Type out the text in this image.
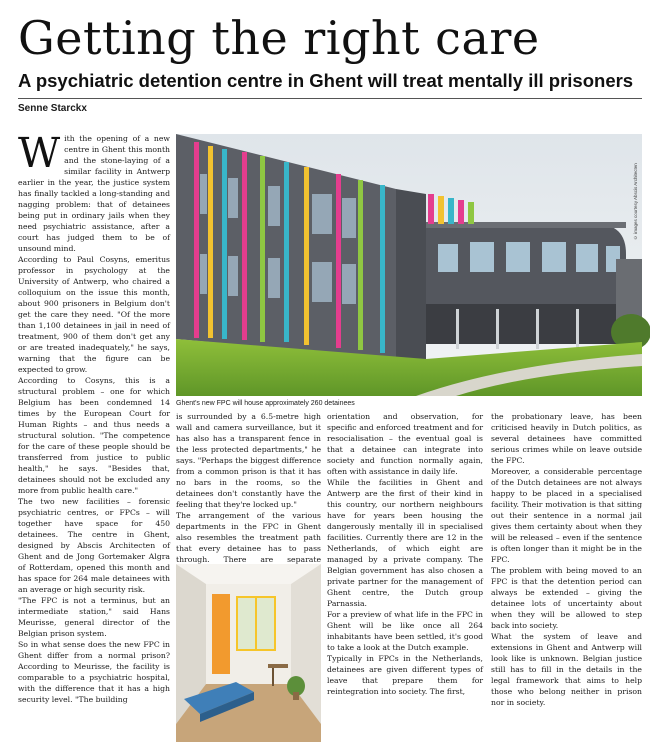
Getting the right care
A psychiatric detention centre in Ghent will treat mentally ill prisoners
Senne Starckx
W ith the opening of a new centre in Ghent this month and the stone-laying of a similar facility in Antwerp earlier in the year, the justice system has finally tackled a long-standing and nagging problem: that of detainees being put in ordinary jails when they need psychiatric assistance, after a court has judged them to be of unsound mind.

According to Paul Cosyns, emeritus professor in psychology at the University of Antwerp, who chaired a colloquium on the issue this month, about 900 prisoners in Belgium don't get the care they need. "Of the more than 1,100 detainees in jail in need of treatment, 900 of them don't get any or are treated inadequately," he says, warning that the figure can be expected to grow.

According to Cosyns, this is a structural problem – one for which Belgium has been condemned 14 times by the European Court for Human Rights – and thus needs a structural solution. "The competence for the care of these people should be transferred from justice to public health," he says. "Besides that, detainees should not be excluded any more from public health care."

The two new facilities – forensic psychiatric centres, or FPCs – will together have space for 450 detainees. The centre in Ghent, designed by Abscis Architecten of Ghent and de Jong Gortemaker Algra of Rotterdam, opened this month and has space for 264 male detainees with an average or high security risk.

"The FPC is not a terminus, but an intermediate station," said Hans Meurisse, general director of the Belgian prison system.

So in what sense does the new FPC in Ghent differ from a normal prison? According to Meurisse, the facility is comparable to a psychiatric hospital, with the difference that it has a high security level. "The building

© images courtesy Abscis Architecten
Ghent's new FPC will house approximately 260 detainees

is surrounded by a 6.5-metre high wall and camera surveillance, but it has also has a transparent fence in the less protected departments," he says. "Perhaps the biggest difference from a common prison is that it has no bars in the rooms, so the detainees don't constantly have the feeling that they're locked up."

The arrangement of the various departments in the FPC in Ghent also resembles the treatment path that every detainee has to pass through. There are separate

orientation and observation, for specific and enforced treatment and for resocialisation – the eventual goal is that a detainee can integrate into society and function normally again, often with assistance in daily life.

While the facilities in Ghent and Antwerp are the first of their kind in this country, our northern neighbours have for years been housing the dangerously mentally ill in specialised facilities. Currently there are 12 in the Netherlands, of which eight are managed by a private company. The Belgian government has also chosen a private partner for the management of Ghent centre, the Dutch group Parnassia.

For a preview of what life in the FPC in Ghent will be like once all 264 inhabitants have been settled, it's good to take a look at the Dutch example.

Typically in FPCs in the Netherlands, detainees are given different types of leave that prepare them for reintegration into society. The first,

the probationary leave, has been criticised heavily in Dutch politics, as several detainees have committed serious crimes while on leave outside the FPC.

Moreover, a considerable percentage of the Dutch detainees are not always happy to be placed in a specialised facility. Their motivation is that sitting out their sentence in a normal jail gives them certainty about when they will be released – even if the sentence is often longer than it might be in the FPC.

The problem with being moved to an FPC is that the detention period can always be extended – giving the detainee lots of uncertainty about when they will be allowed to step back into society.

What the system of leave and extensions in Ghent and Antwerp will look like is unknown. Belgian justice still has to fill in the details in the legal framework that aims to help those who belong neither in prison nor in society.
